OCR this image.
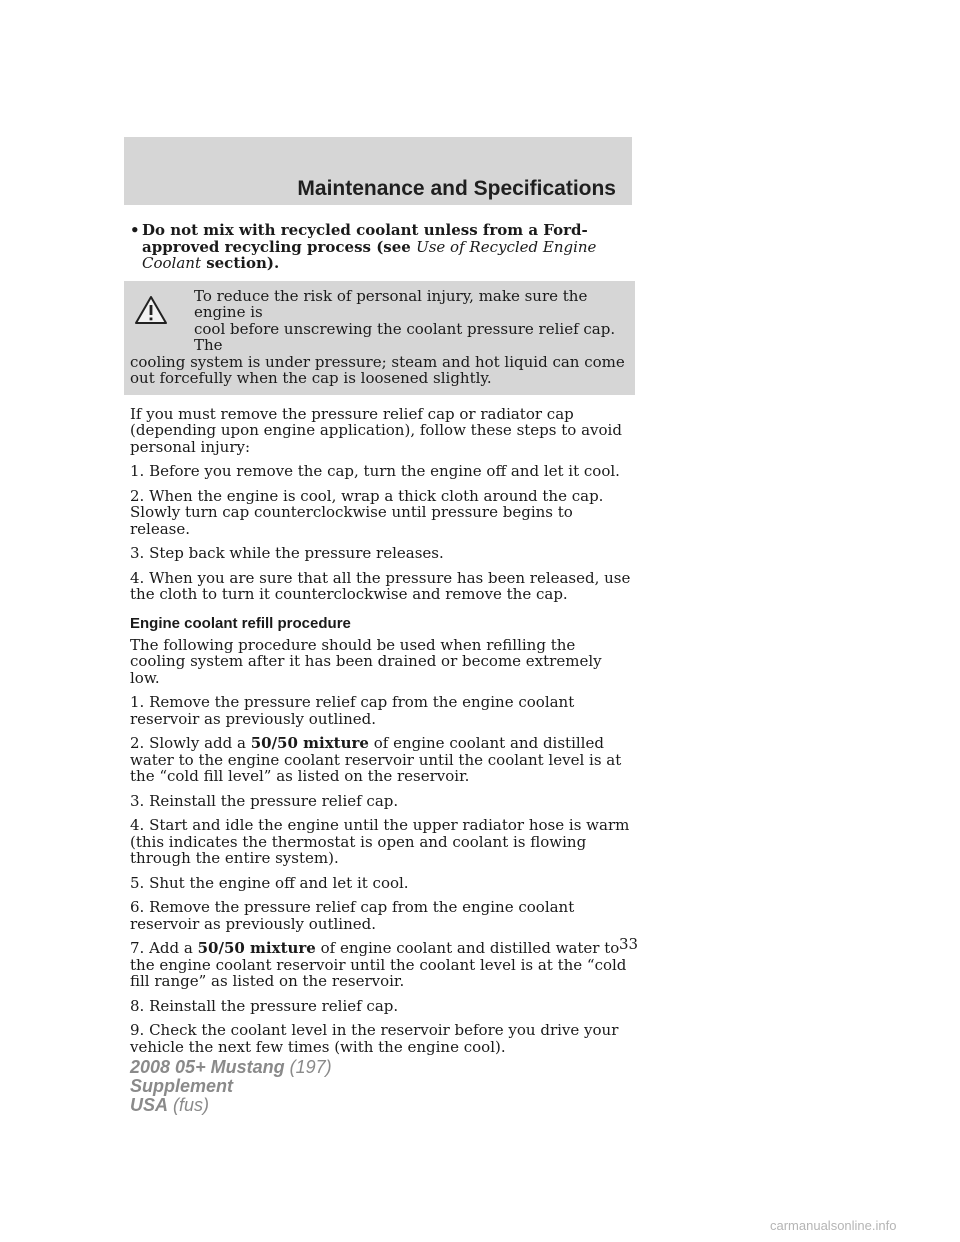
Maintenance and Specifications
• Do not mix with recycled coolant unless from a Ford-approved recycling process (see Use of Recycled Engine Coolant section).
To reduce the risk of personal injury, make sure the engine is
cool before unscrewing the coolant pressure relief cap. The
cooling system is under pressure; steam and hot liquid can come out forcefully when the cap is loosened slightly.

If you must remove the pressure relief cap or radiator cap (depending upon engine application), follow these steps to avoid personal injury:

1. Before you remove the cap, turn the engine off and let it cool.

2. When the engine is cool, wrap a thick cloth around the cap. Slowly turn cap counterclockwise until pressure begins to release.

3. Step back while the pressure releases.

4. When you are sure that all the pressure has been released, use the cloth to turn it counterclockwise and remove the cap.

Engine coolant refill procedure

The following procedure should be used when refilling the cooling system after it has been drained or become extremely low.

1. Remove the pressure relief cap from the engine coolant reservoir as previously outlined.

2. Slowly add a 50/50 mixture of engine coolant and distilled water to the engine coolant reservoir until the coolant level is at the “cold fill level” as listed on the reservoir.

3. Reinstall the pressure relief cap.

4. Start and idle the engine until the upper radiator hose is warm (this indicates the thermostat is open and coolant is flowing through the entire system).

5. Shut the engine off and let it cool.

6. Remove the pressure relief cap from the engine coolant reservoir as previously outlined.

7. Add a 50/50 mixture of engine coolant and distilled water to the engine coolant reservoir until the coolant level is at the “cold fill range” as listed on the reservoir.

8. Reinstall the pressure relief cap.

9. Check the coolant level in the reservoir before you drive your vehicle the next few times (with the engine cool).

33
2008 05+ Mustang (197)
Supplement
USA (fus)
carmanualsonline.info
